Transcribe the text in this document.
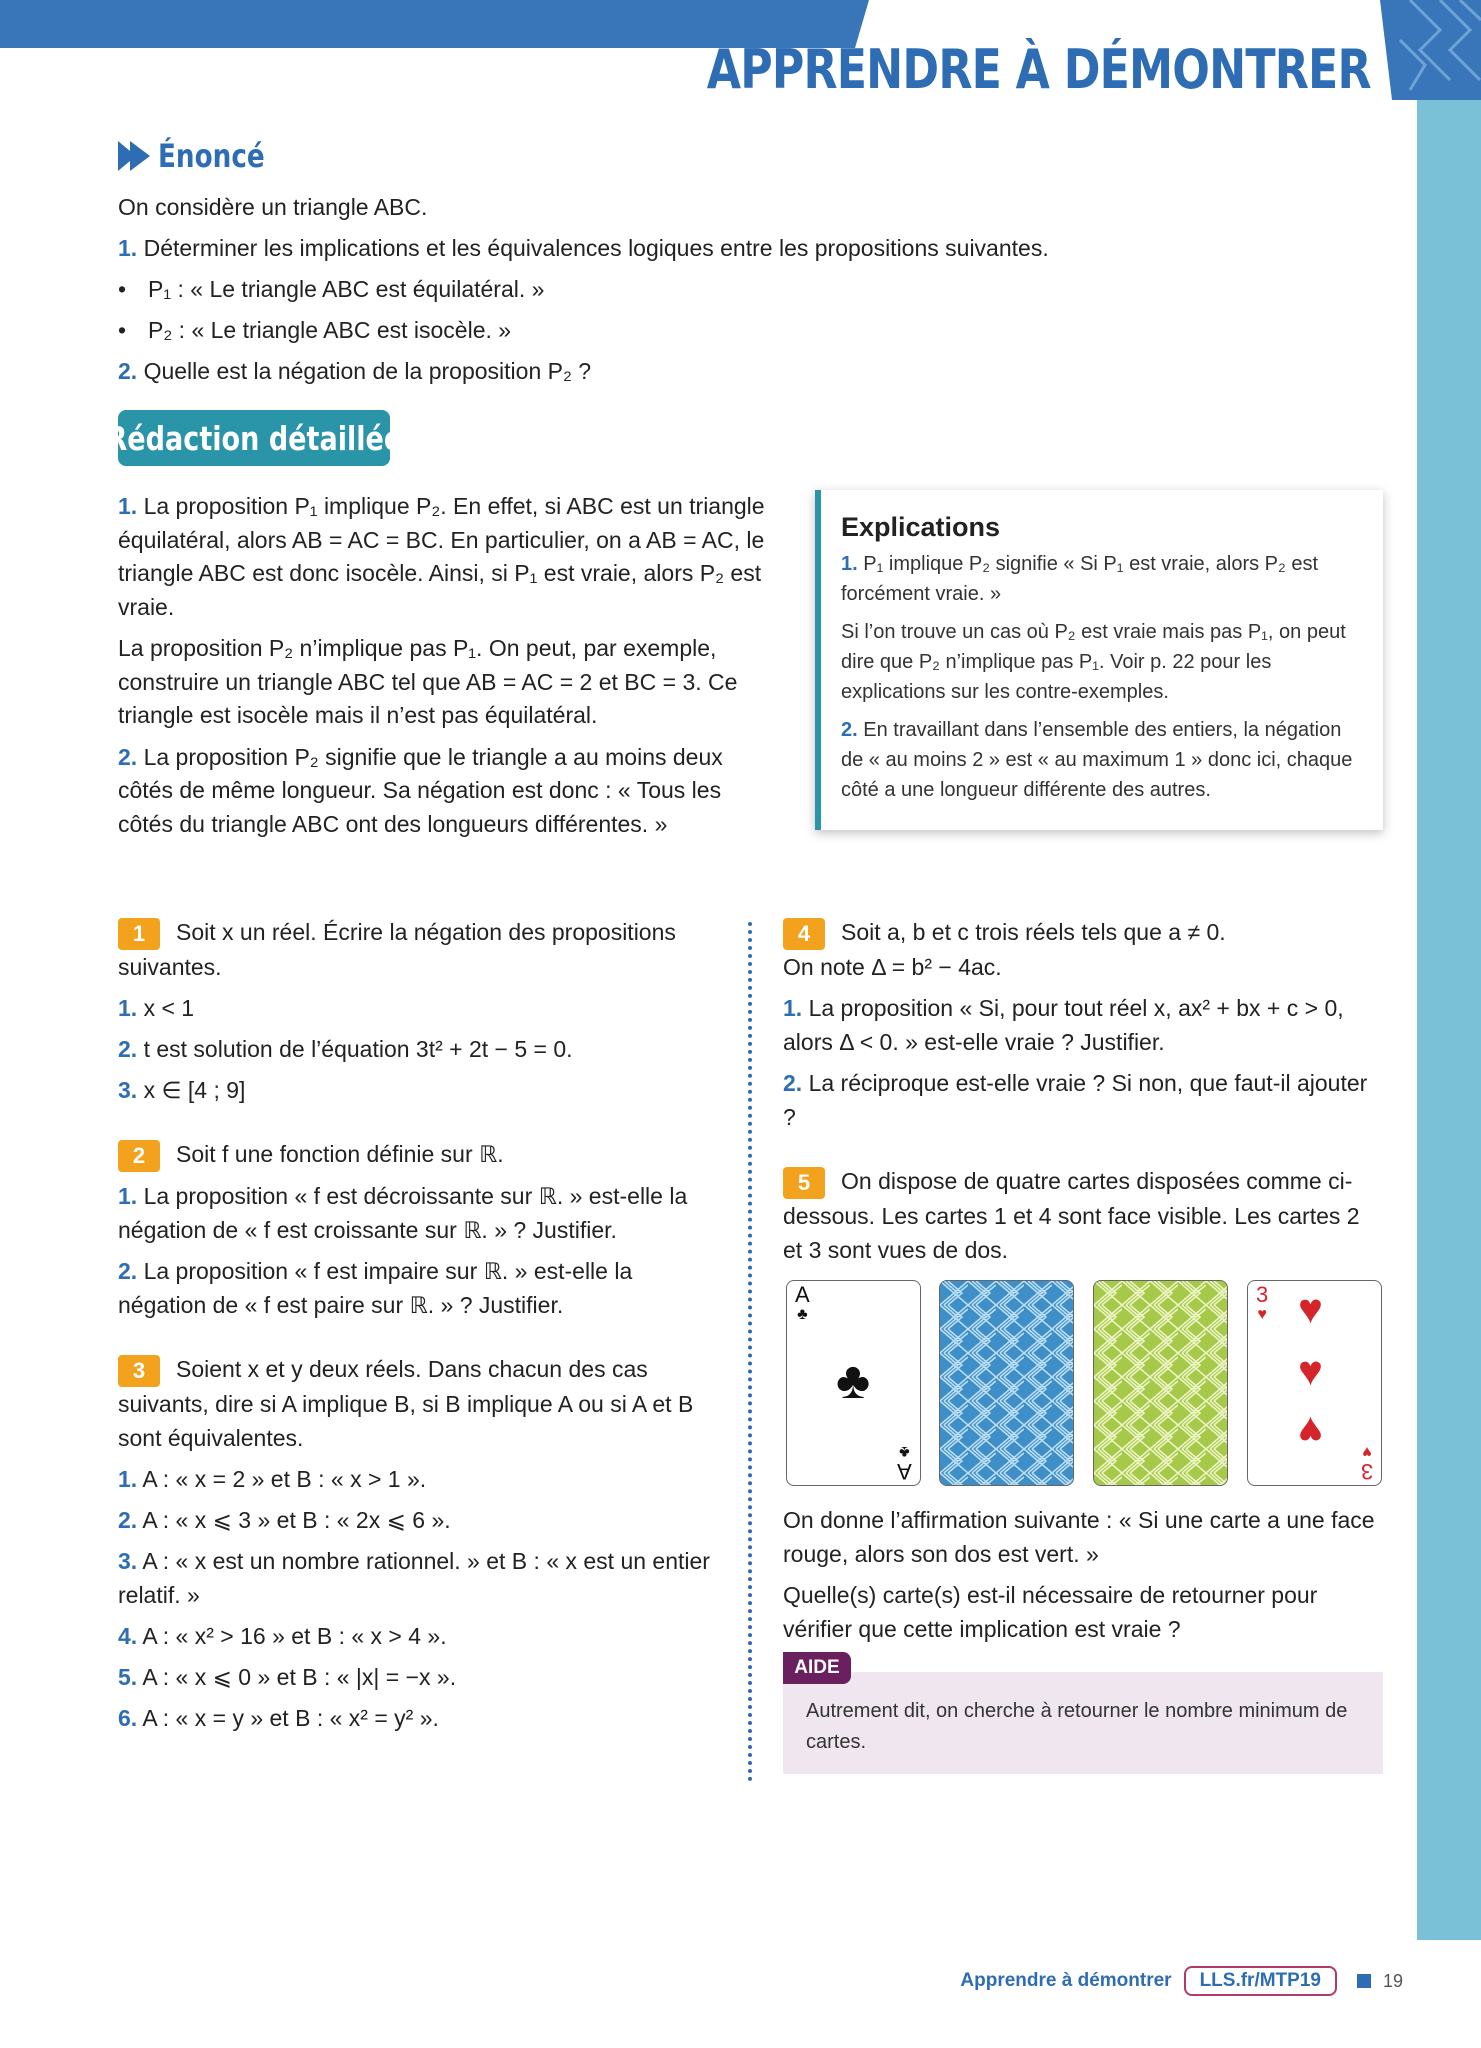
APPRENDRE À DÉMONTRER
Énoncé

On considère un triangle ABC.

1. Déterminer les implications et les équivalences logiques entre les propositions suivantes.

• P₁ : « Le triangle ABC est équilatéral. »

• P₂ : « Le triangle ABC est isocèle. »

2. Quelle est la négation de la proposition P₂ ?

Rédaction détaillée

1. La proposition P₁ implique P₂. En effet, si ABC est un triangle équilatéral, alors AB = AC = BC. En particulier, on a AB = AC, le triangle ABC est donc isocèle. Ainsi, si P₁ est vraie, alors P₂ est vraie.

La proposition P₂ n’implique pas P₁. On peut, par exemple, construire un triangle ABC tel que AB = AC = 2 et BC = 3. Ce triangle est isocèle mais il n’est pas équilatéral.

2. La proposition P₂ signifie que le triangle a au moins deux côtés de même longueur. Sa négation est donc : « Tous les côtés du triangle ABC ont des longueurs différentes. »

Explications

1. P₁ implique P₂ signifie « Si P₁ est vraie, alors P₂ est forcément vraie. »

Si l’on trouve un cas où P₂ est vraie mais pas P₁, on peut dire que P₂ n’implique pas P₁. Voir p. 22 pour les explications sur les contre-exemples.

2. En travaillant dans l’ensemble des entiers, la négation de « au moins 2 » est « au maximum 1 » donc ici, chaque côté a une longueur différente des autres.

1 Soit x un réel. Écrire la négation des propositions suivantes.

1. x < 1

2. t est solution de l’équation 3t² + 2t − 5 = 0.

3. x ∈ [4 ; 9]

2 Soit f une fonction définie sur ℝ.

1. La proposition « f est décroissante sur ℝ. » est-elle la négation de « f est croissante sur ℝ. » ? Justifier.

2. La proposition « f est impaire sur ℝ. » est-elle la négation de « f est paire sur ℝ. » ? Justifier.

3 Soient x et y deux réels. Dans chacun des cas suivants, dire si A implique B, si B implique A ou si A et B sont équivalentes.

1. A : « x = 2 » et B : « x > 1 ».

2. A : « x ⩽ 3 » et B : « 2x ⩽ 6 ».

3. A : « x est un nombre rationnel. » et B : « x est un entier relatif. »

4. A : « x² > 16 » et B : « x > 4 ».

5. A : « x ⩽ 0 » et B : « |x| = −x ».

6. A : « x = y » et B : « x² = y² ».

4 Soit a, b et c trois réels tels que a ≠ 0.

On note Δ = b² − 4ac.

1. La proposition « Si, pour tout réel x, ax² + bx + c > 0, alors Δ < 0. » est-elle vraie ? Justifier.

2. La réciproque est-elle vraie ? Si non, que faut-il ajouter ?

5 On dispose de quatre cartes disposées comme ci-dessous. Les cartes 1 et 4 sont face visible. Les cartes 2 et 3 sont vues de dos.

A
♣
♣
A
♣
3
♥ ♥
♥
♥
3
♥

On donne l’affirmation suivante : « Si une carte a une face rouge, alors son dos est vert. »

Quelle(s) carte(s) est-il nécessaire de retourner pour vérifier que cette implication est vraie ?

AIDE
Autrement dit, on cherche à retourner le nombre minimum de cartes.
Apprendre à démontrer	LLS.fr/MTP19	19
